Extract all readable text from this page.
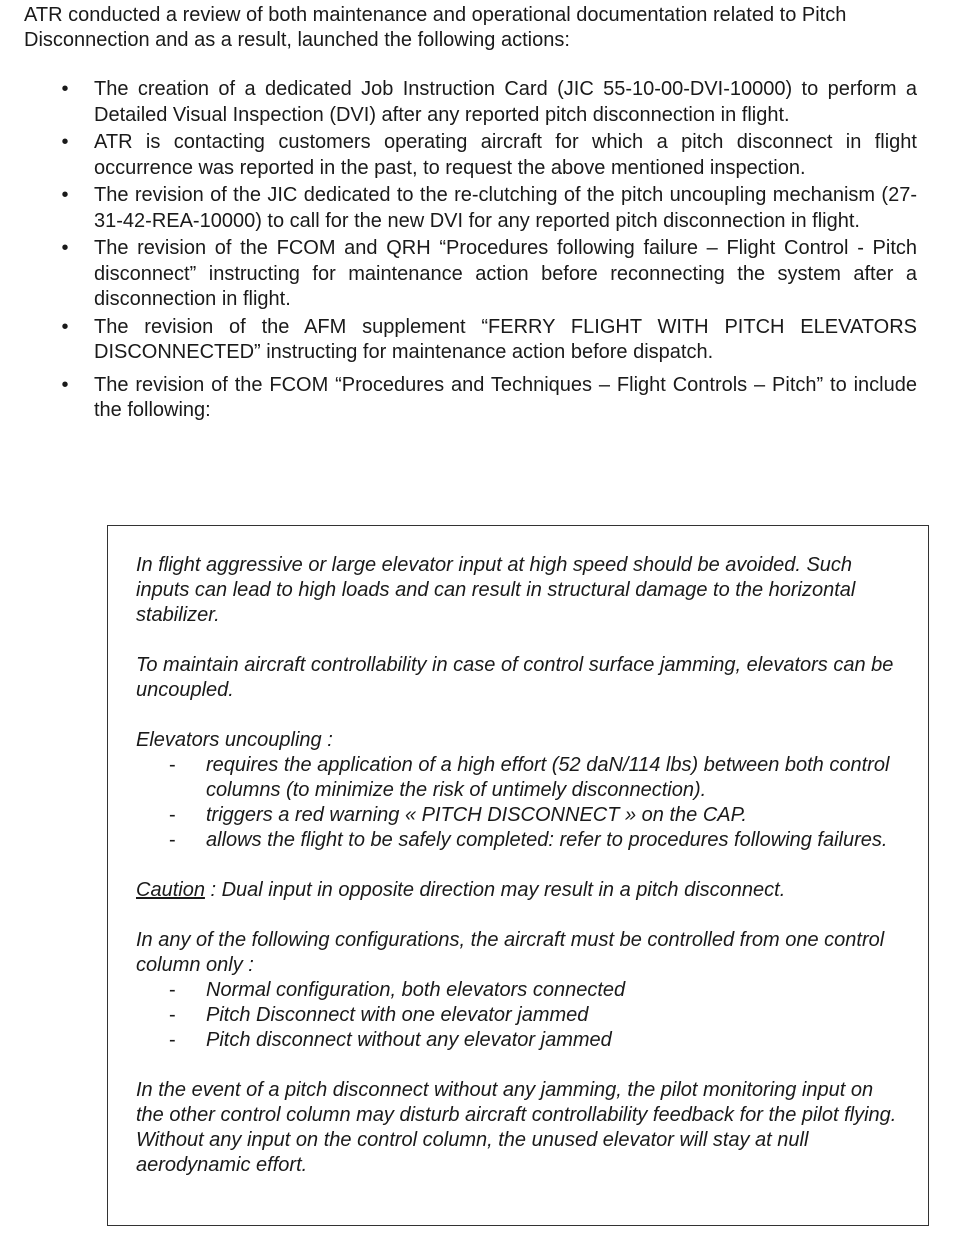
ATR conducted a review of both maintenance and operational documentation related to Pitch Disconnection and as a result, launched the following actions:

• The creation of a dedicated Job Instruction Card (JIC 55-10-00-DVI-10000) to perform a Detailed Visual Inspection (DVI) after any reported pitch disconnection in flight.
• ATR is contacting customers operating aircraft for which a pitch disconnect in flight occurrence was reported in the past, to request the above mentioned inspection.
• The revision of the JIC dedicated to the re-clutching of the pitch uncoupling mechanism (27-31-42-REA-10000) to call for the new DVI for any reported pitch disconnection in flight.
• The revision of the FCOM and QRH “Procedures following failure – Flight Control - Pitch disconnect” instructing for maintenance action before reconnecting the system after a disconnection in flight.
• The revision of the AFM supplement “FERRY FLIGHT WITH PITCH ELEVATORS DISCONNECTED” instructing for maintenance action before dispatch.
• The revision of the FCOM “Procedures and Techniques – Flight Controls – Pitch” to include the following:

In flight aggressive or large elevator input at high speed should be avoided. Such inputs can lead to high loads and can result in structural damage to the horizontal stabilizer.

To maintain aircraft controllability in case of control surface jamming, elevators can be uncoupled.

Elevators uncoupling :

- requires the application of a high effort (52 daN/114 lbs) between both control columns (to minimize the risk of untimely disconnection).
- triggers a red warning « PITCH DISCONNECT » on the CAP.
- allows the flight to be safely completed: refer to procedures following failures.

Caution : Dual input in opposite direction may result in a pitch disconnect.

In any of the following configurations, the aircraft must be controlled from one control column only :

- Normal configuration, both elevators connected
- Pitch Disconnect with one elevator jammed
- Pitch disconnect without any elevator jammed

In the event of a pitch disconnect without any jamming, the pilot monitoring input on the other control column may disturb aircraft controllability feedback for the pilot flying. Without any input on the control column, the unused elevator will stay at null aerodynamic effort.
